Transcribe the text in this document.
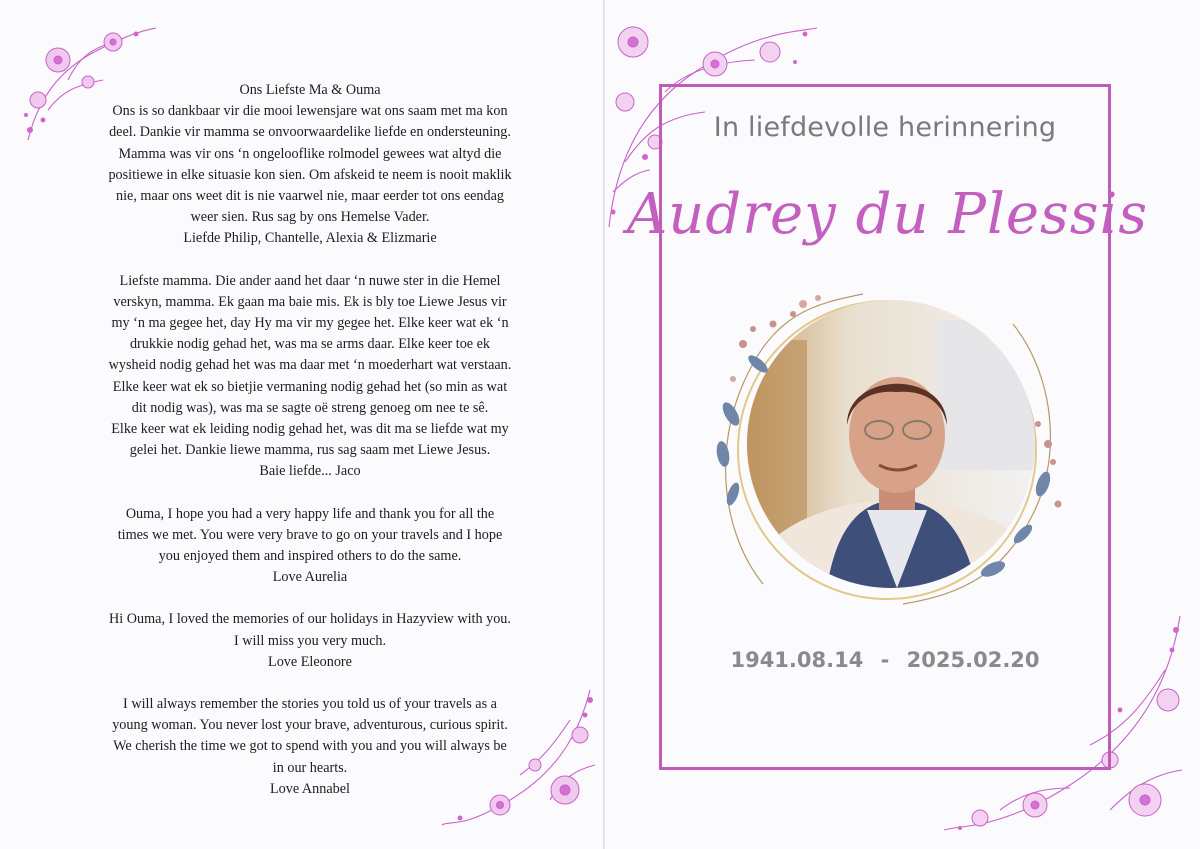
Ons Liefste Ma & Ouma

Ons is so dankbaar vir die mooi lewensjare wat ons saam met ma kon

deel. Dankie vir mamma se onvoorwaardelike liefde en ondersteuning.

Mamma was vir ons ‘n ongelooflike rolmodel gewees wat altyd die

positiewe in elke situasie kon sien. Om afskeid te neem is nooit maklik

nie, maar ons weet dit is nie vaarwel nie, maar eerder tot ons eendag

weer sien. Rus sag by ons Hemelse Vader.

Liefde Philip, Chantelle, Alexia & Elizmarie

Liefste mamma. Die ander aand het daar ‘n nuwe ster in die Hemel

verskyn, mamma. Ek gaan ma baie mis. Ek is bly toe Liewe Jesus vir

my ‘n ma gegee het, day Hy ma vir my gegee het. Elke keer wat ek ‘n

drukkie nodig gehad het, was ma se arms daar. Elke keer toe ek

wysheid nodig gehad het was ma daar met ‘n moederhart wat verstaan.

Elke keer wat ek so bietjie vermaning nodig gehad het (so min as wat

dit nodig was), was ma se sagte oë streng genoeg om nee te sê.

Elke keer wat ek leiding nodig gehad het, was dit ma se liefde wat my

gelei het. Dankie liewe mamma, rus sag saam met Liewe Jesus.

Baie liefde... Jaco

Ouma, I hope you had a very happy life and thank you for all the

times we met. You were very brave to go on your travels and I hope

you enjoyed them and inspired others to do the same.

Love Aurelia

Hi Ouma, I loved the memories of our holidays in Hazyview with you.

I will miss you very much.

Love Eleonore

I will always remember the stories you told us of your travels as a

young woman. You never lost your brave, adventurous, curious spirit.

We cherish the time we got to spend with you and you will always be

in our hearts.

Love Annabel
In liefdevolle herinnering
Audrey du Plessis
1941.08.14 - 2025.02.20
